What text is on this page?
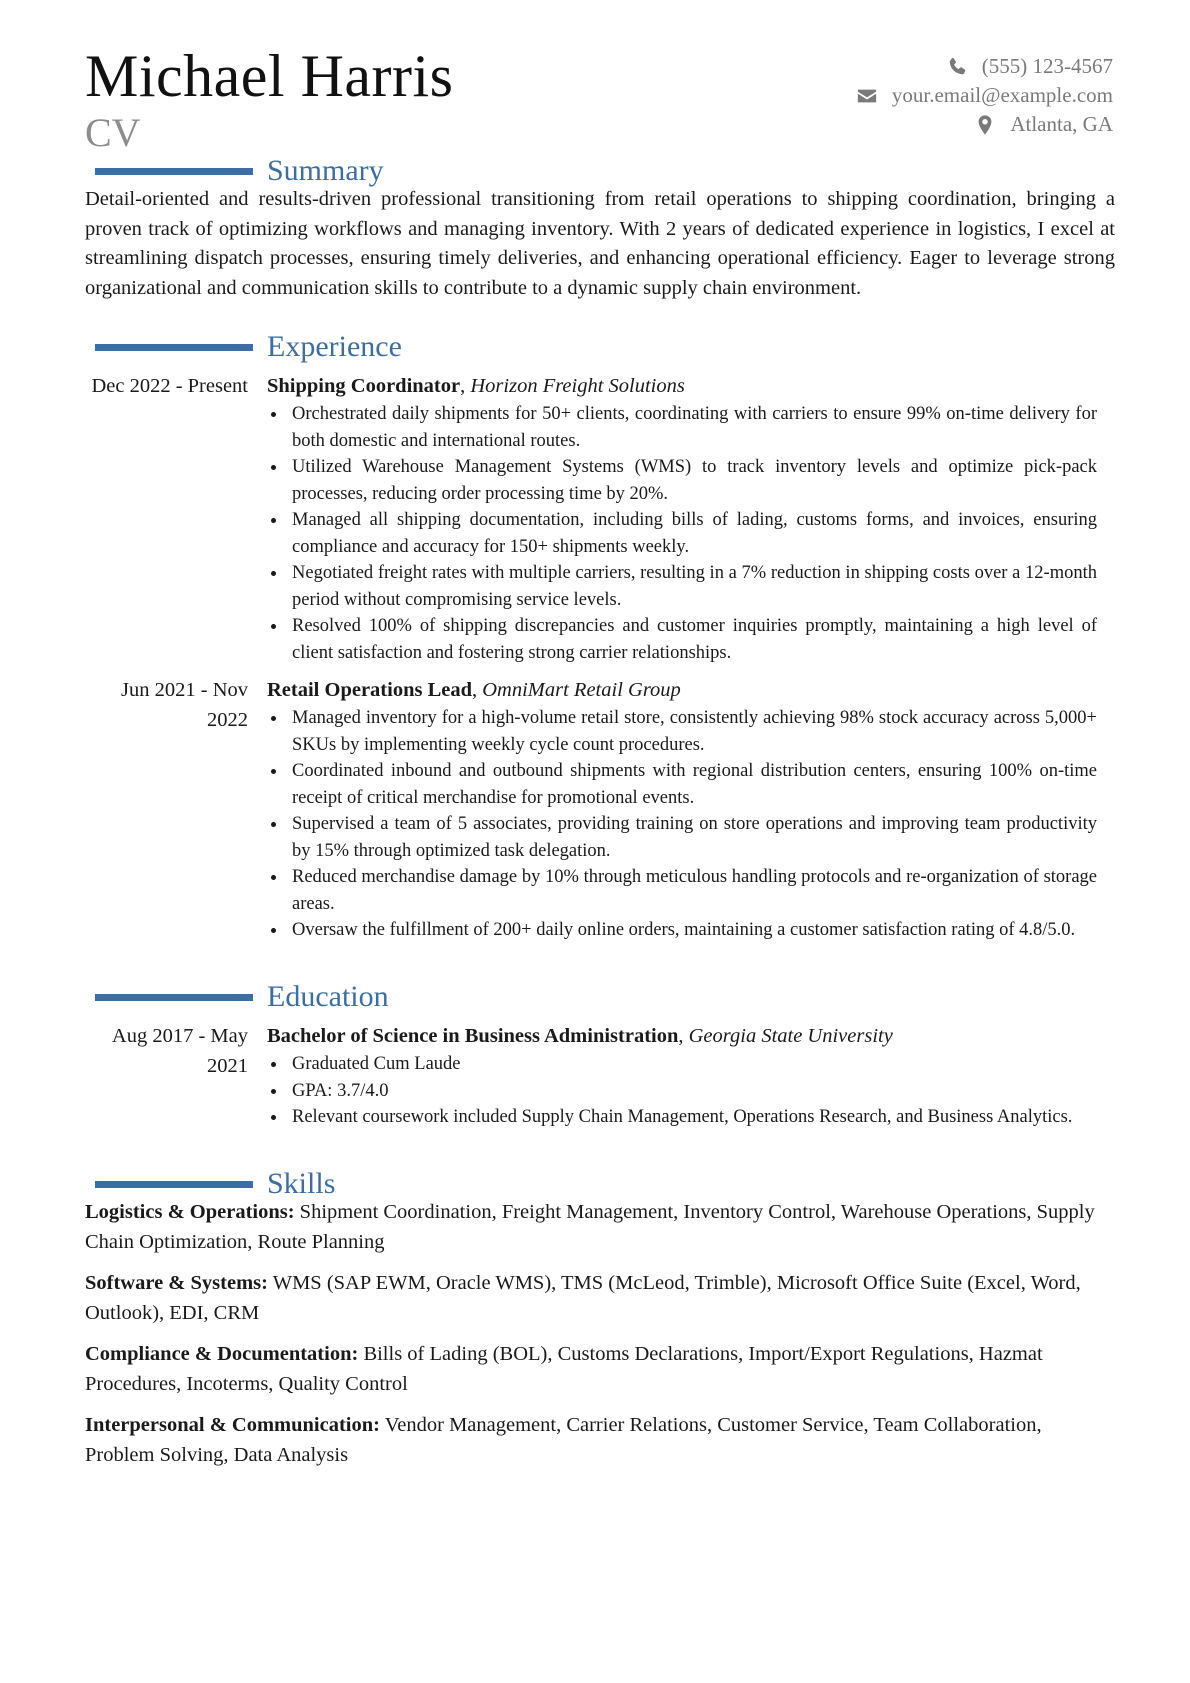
Michael Harris
CV
(555) 123-4567
your.email@example.com
Atlanta, GA
Summary
Detail-oriented and results-driven professional transitioning from retail operations to shipping coordination, bringing a proven track of optimizing workflows and managing inventory. With 2 years of dedicated experience in logistics, I excel at streamlining dispatch processes, ensuring timely deliveries, and enhancing operational efficiency. Eager to leverage strong organizational and communication skills to contribute to a dynamic supply chain environment.
Experience
Dec 2022 - Present Shipping Coordinator, Horizon Freight Solutions
Orchestrated daily shipments for 50+ clients, coordinating with carriers to ensure 99% on-time delivery for both domestic and international routes.
Utilized Warehouse Management Systems (WMS) to track inventory levels and optimize pick-pack processes, reducing order processing time by 20%.
Managed all shipping documentation, including bills of lading, customs forms, and invoices, ensuring compliance and accuracy for 150+ shipments weekly.
Negotiated freight rates with multiple carriers, resulting in a 7% reduction in shipping costs over a 12-month period without compromising service levels.
Resolved 100% of shipping discrepancies and customer inquiries promptly, maintaining a high level of client satisfaction and fostering strong carrier relationships.
Jun 2021 - Nov 2022
Retail Operations Lead, OmniMart Retail Group
Managed inventory for a high-volume retail store, consistently achieving 98% stock accuracy across 5,000+ SKUs by implementing weekly cycle count procedures.
Coordinated inbound and outbound shipments with regional distribution centers, ensuring 100% on-time receipt of critical merchandise for promotional events.
Supervised a team of 5 associates, providing training on store operations and improving team productivity by 15% through optimized task delegation.
Reduced merchandise damage by 10% through meticulous handling protocols and re-organization of storage areas.
Oversaw the fulfillment of 200+ daily online orders, maintaining a customer satisfaction rating of 4.8/5.0.
Education
Aug 2017 - May 2021
Bachelor of Science in Business Administration, Georgia State University
Graduated Cum Laude
GPA: 3.7/4.0
Relevant coursework included Supply Chain Management, Operations Research, and Business Analytics.
Skills
Logistics & Operations: Shipment Coordination, Freight Management, Inventory Control, Warehouse Operations, Supply Chain Optimization, Route Planning
Software & Systems: WMS (SAP EWM, Oracle WMS), TMS (McLeod, Trimble), Microsoft Office Suite (Excel, Word, Outlook), EDI, CRM
Compliance & Documentation: Bills of Lading (BOL), Customs Declarations, Import/Export Regulations, Hazmat Procedures, Incoterms, Quality Control
Interpersonal & Communication: Vendor Management, Carrier Relations, Customer Service, Team Collaboration, Problem Solving, Data Analysis
